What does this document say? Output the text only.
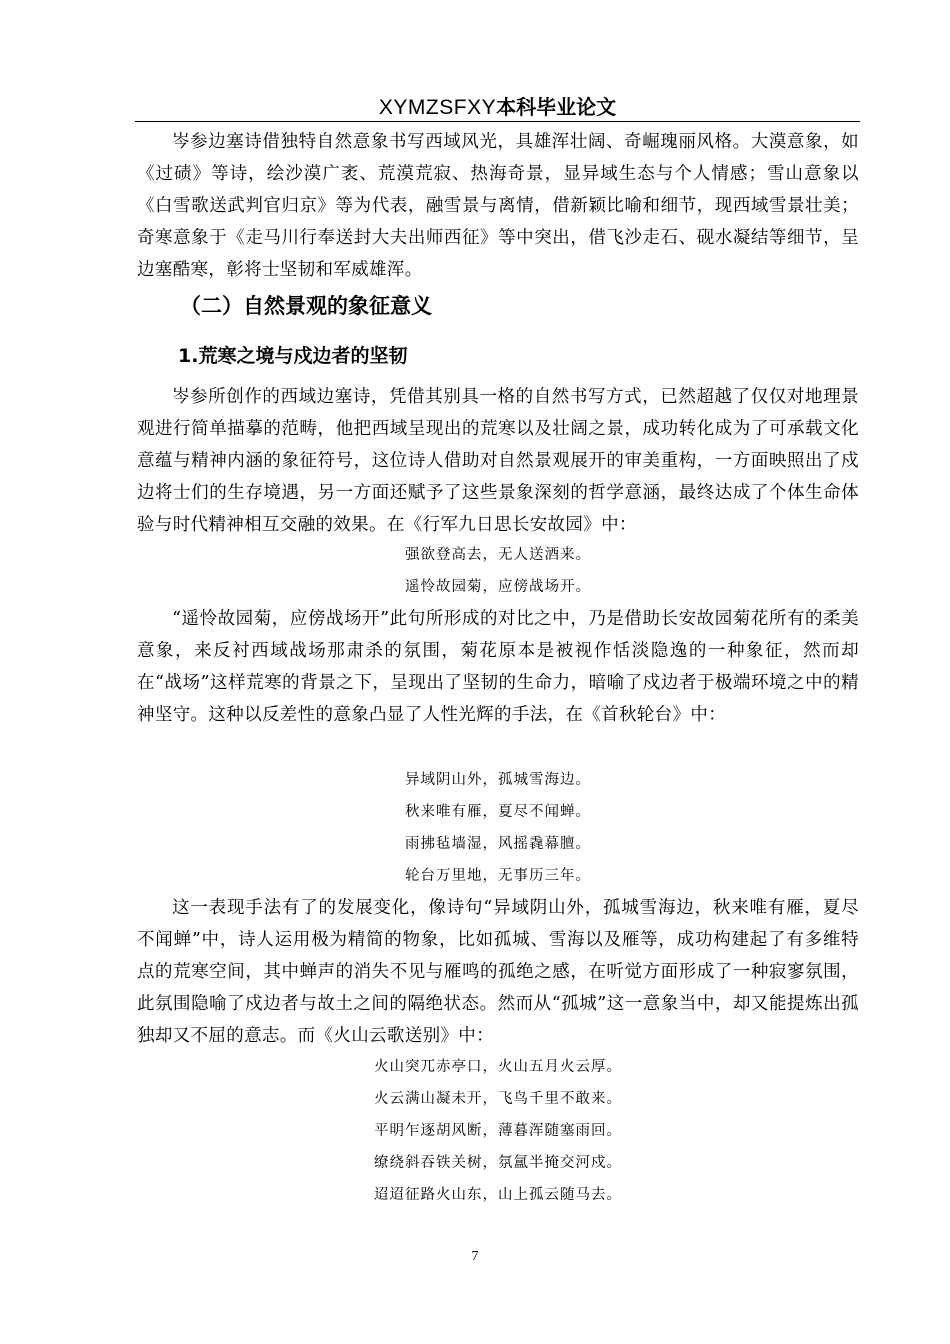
XYMZSFXY本科毕业论文

岑参边塞诗借独特自然意象书写西域风光，具雄浑壮阔、奇崛瑰丽风格。大漠意象，如《过碛》等诗，绘沙漠广袤、荒漠荒寂、热海奇景，显异域生态与个人情感；雪山意象以《白雪歌送武判官归京》等为代表，融雪景与离情，借新颖比喻和细节，现西域雪景壮美；奇寒意象于《走马川行奉送封大夫出师西征》等中突出，借飞沙走石、砚水凝结等细节，呈边塞酷寒，彰将士坚韧和军威雄浑。

（二）自然景观的象征意义
1.荒寒之境与戍边者的坚韧

岑参所创作的西域边塞诗，凭借其别具一格的自然书写方式，已然超越了仅仅对地理景观进行简单描摹的范畴，他把西域呈现出的荒寒以及壮阔之景，成功转化成为了可承载文化意蕴与精神内涵的象征符号，这位诗人借助对自然景观展开的审美重构，一方面映照出了戍边将士们的生存境遇，另一方面还赋予了这些景象深刻的哲学意涵，最终达成了个体生命体验与时代精神相互交融的效果。在《行军九日思长安故园》中：

强欲登高去，无人送酒来。
遥怜故园菊，应傍战场开。

“遥怜故园菊，应傍战场开”此句所形成的对比之中，乃是借助长安故园菊花所有的柔美意象，来反衬西域战场那肃杀的氛围，菊花原本是被视作恬淡隐逸的一种象征，然而却在“战场”这样荒寒的背景之下，呈现出了坚韧的生命力，暗喻了戍边者于极端环境之中的精神坚守。这种以反差性的意象凸显了人性光辉的手法，在《首秋轮台》中：

异域阴山外，孤城雪海边。
秋来唯有雁，夏尽不闻蝉。
雨拂毡墙湿，风摇毳幕膻。
轮台万里地，无事历三年。

这一表现手法有了的发展变化，像诗句“异域阴山外，孤城雪海边，秋来唯有雁，夏尽不闻蝉”中，诗人运用极为精简的物象，比如孤城、雪海以及雁等，成功构建起了有多维特点的荒寒空间，其中蝉声的消失不见与雁鸣的孤绝之感，在听觉方面形成了一种寂寥氛围，此氛围隐喻了戍边者与故土之间的隔绝状态。然而从“孤城”这一意象当中，却又能提炼出孤独却又不屈的意志。而《火山云歌送别》中：

火山突兀赤亭口，火山五月火云厚。
火云满山凝未开，飞鸟千里不敢来。
平明乍逐胡风断，薄暮浑随塞雨回。
缭绕斜吞铁关树，氛氲半掩交河戍。
迢迢征路火山东，山上孤云随马去。
7
